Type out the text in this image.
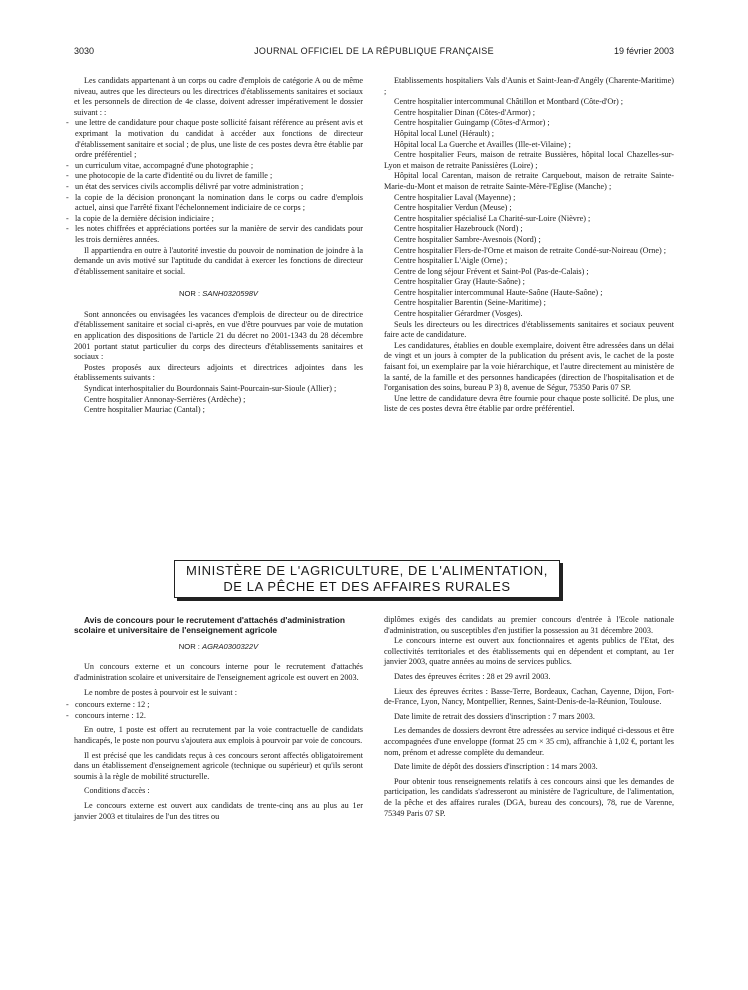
3030	JOURNAL OFFICIEL DE LA RÉPUBLIQUE FRANÇAISE	19 février 2003

Les candidats appartenant à un corps ou cadre d'emplois de catégorie A ou de même niveau, autres que les directeurs ou les directrices d'établissements sanitaires et sociaux et les personnels de direction de 4e classe, doivent adresser impérativement le dossier suivant : :

- une lettre de candidature pour chaque poste sollicité faisant référence au présent avis et exprimant la motivation du candidat à accéder aux fonctions de directeur d'établissement sanitaire et social ; de plus, une liste de ces postes devra être établie par ordre préférentiel ;
- un curriculum vitae, accompagné d'une photographie ;
- une photocopie de la carte d'identité ou du livret de famille ;
- un état des services civils accomplis délivré par votre administration ;
- la copie de la décision prononçant la nomination dans le corps ou cadre d'emplois actuel, ainsi que l'arrêté fixant l'échelonnement indiciaire de ce corps ;
- la copie de la dernière décision indiciaire ;
- les notes chiffrées et appréciations portées sur la manière de servir des candidats pour les trois dernières années.

Il appartiendra en outre à l'autorité investie du pouvoir de nomination de joindre à la demande un avis motivé sur l'aptitude du candidat à exercer les fonctions de directeur d'établissement sanitaire et social.

NOR : SANH0320598V

Sont annoncées ou envisagées les vacances d'emplois de directeur ou de directrice d'établissement sanitaire et social ci-après, en vue d'être pourvues par voie de mutation en application des dispositions de l'article 21 du décret no 2001-1343 du 28 décembre 2001 portant statut particulier du corps des directeurs d'établissements sanitaires et sociaux :

Postes proposés aux directeurs adjoints et directrices adjointes dans les établissements suivants :

Syndicat interhospitalier du Bourdonnais Saint-Pourcain-sur-Sioule (Allier) ;

Centre hospitalier Annonay-Serrières (Ardèche) ;

Centre hospitalier Mauriac (Cantal) ;

Etablissements hospitaliers Vals d'Aunis et Saint-Jean-d'Angély (Charente-Maritime) ;

Centre hospitalier intercommunal Châtillon et Montbard (Côte-d'Or) ;

Centre hospitalier Dinan (Côtes-d'Armor) ;

Centre hospitalier Guingamp (Côtes-d'Armor) ;

Hôpital local Lunel (Hérault) ;

Hôpital local La Guerche et Availles (Ille-et-Vilaine) ;

Centre hospitalier Feurs, maison de retraite Bussières, hôpital local Chazelles-sur-Lyon et maison de retraite Panissières (Loire) ;

Hôpital local Carentan, maison de retraite Carquebout, maison de retraite Sainte-Marie-du-Mont et maison de retraite Sainte-Mère-l'Eglise (Manche) ;

Centre hospitalier Laval (Mayenne) ;

Centre hospitalier Verdun (Meuse) ;

Centre hospitalier spécialisé La Charité-sur-Loire (Nièvre) ;

Centre hospitalier Hazebrouck (Nord) ;

Centre hospitalier Sambre-Avesnois (Nord) ;

Centre hospitalier Flers-de-l'Orne et maison de retraite Condé-sur-Noireau (Orne) ;

Centre hospitalier L'Aigle (Orne) ;

Centre de long séjour Frévent et Saint-Pol (Pas-de-Calais) ;

Centre hospitalier Gray (Haute-Saône) ;

Centre hospitalier intercommunal Haute-Saône (Haute-Saône) ;

Centre hospitalier Barentin (Seine-Maritime) ;

Centre hospitalier Gérardmer (Vosges).

Seuls les directeurs ou les directrices d'établissements sanitaires et sociaux peuvent faire acte de candidature.

Les candidatures, établies en double exemplaire, doivent être adressées dans un délai de vingt et un jours à compter de la publication du présent avis, le cachet de la poste faisant foi, un exemplaire par la voie hiérarchique, et l'autre directement au ministère de la santé, de la famille et des personnes handicapées (direction de l'hospitalisation et de l'organisation des soins, bureau P 3) 8, avenue de Ségur, 75350 Paris 07 SP.

Une lettre de candidature devra être fournie pour chaque poste sollicité. De plus, une liste de ces postes devra être établie par ordre préférentiel.

MINISTÈRE DE L'AGRICULTURE, DE L'ALIMENTATION,
DE LA PÊCHE ET DES AFFAIRES RURALES

Avis de concours pour le recrutement d'attachés d'administration scolaire et universitaire de l'enseignement agricole

NOR : AGRA0300322V

Un concours externe et un concours interne pour le recrutement d'attachés d'administration scolaire et universitaire de l'enseignement agricole est ouvert en 2003.

Le nombre de postes à pourvoir est le suivant :

- concours externe : 12 ;
- concours interne : 12.

En outre, 1 poste est offert au recrutement par la voie contractuelle de candidats handicapés, le poste non pourvu s'ajoutera aux emplois à pourvoir par voie de concours.

Il est précisé que les candidats reçus à ces concours seront affectés obligatoirement dans un établissement d'enseignement agricole (technique ou supérieur) et qu'ils seront soumis à la règle de mobilité structurelle.

Conditions d'accès :

Le concours externe est ouvert aux candidats de trente-cinq ans au plus au 1er janvier 2003 et titulaires de l'un des titres ou

diplômes exigés des candidats au premier concours d'entrée à l'Ecole nationale d'administration, ou susceptibles d'en justifier la possession au 31 décembre 2003.

Le concours interne est ouvert aux fonctionnaires et agents publics de l'Etat, des collectivités territoriales et des établissements qui en dépendent et comptant, au 1er janvier 2003, quatre années au moins de services publics.

Dates des épreuves écrites : 28 et 29 avril 2003.

Lieux des épreuves écrites : Basse-Terre, Bordeaux, Cachan, Cayenne, Dijon, Fort-de-France, Lyon, Nancy, Montpellier, Rennes, Saint-Denis-de-la-Réunion, Toulouse.

Date limite de retrait des dossiers d'inscription : 7 mars 2003.

Les demandes de dossiers devront être adressées au service indiqué ci-dessous et être accompagnées d'une enveloppe (format 25 cm × 35 cm), affranchie à 1,02 €, portant les nom, prénom et adresse complète du demandeur.

Date limite de dépôt des dossiers d'inscription : 14 mars 2003.

Pour obtenir tous renseignements relatifs à ces concours ainsi que les demandes de participation, les candidats s'adresseront au ministère de l'agriculture, de l'alimentation, de la pêche et des affaires rurales (DGA, bureau des concours), 78, rue de Varenne, 75349 Paris 07 SP.
